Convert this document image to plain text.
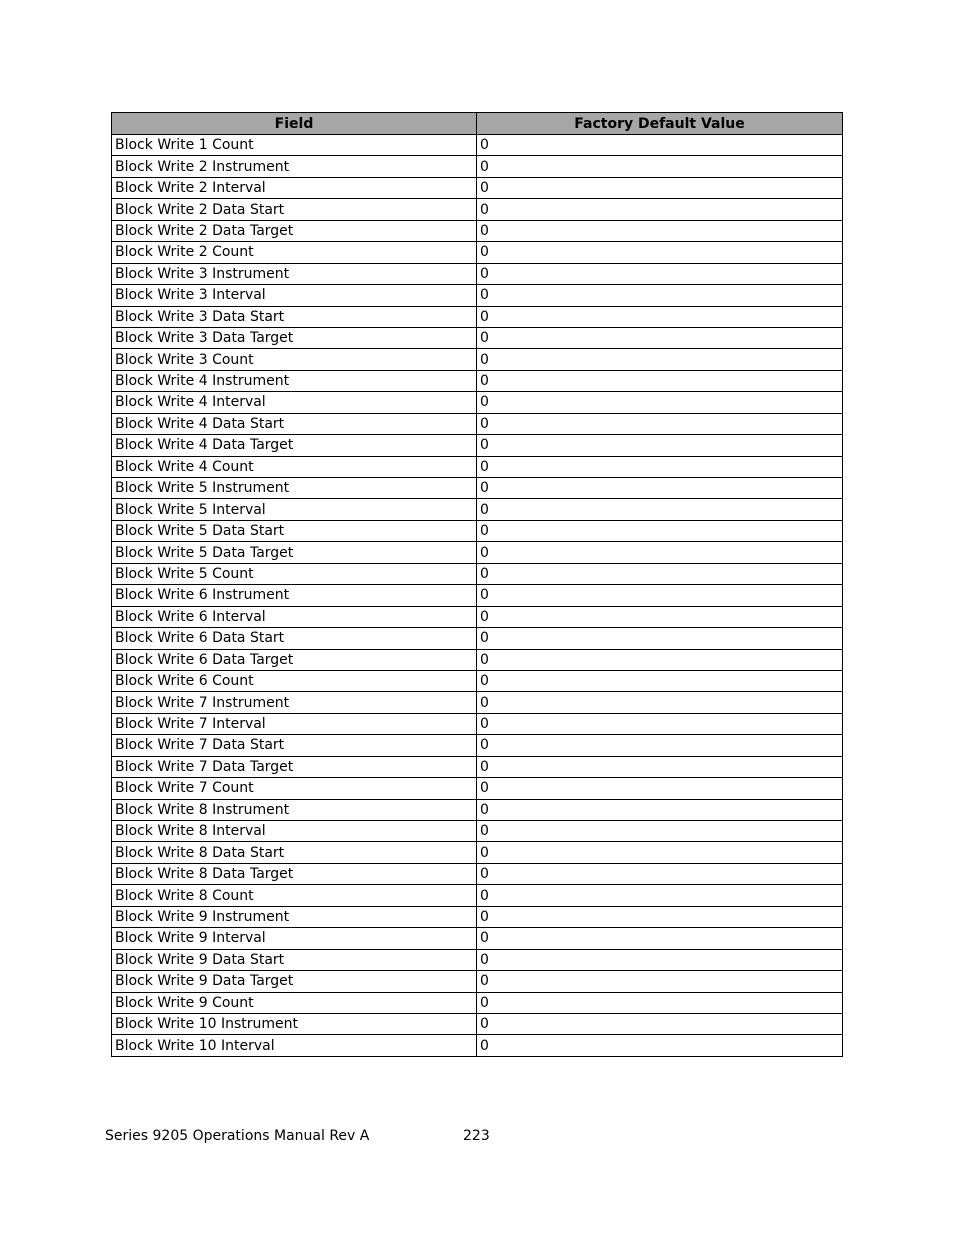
Field	Factory Default Value
Block Write 1 Count	0
Block Write 2 Instrument	0
Block Write 2 Interval	0
Block Write 2 Data Start	0
Block Write 2 Data Target	0
Block Write 2 Count	0
Block Write 3 Instrument	0
Block Write 3 Interval	0
Block Write 3 Data Start	0
Block Write 3 Data Target	0
Block Write 3 Count	0
Block Write 4 Instrument	0
Block Write 4 Interval	0
Block Write 4 Data Start	0
Block Write 4 Data Target	0
Block Write 4 Count	0
Block Write 5 Instrument	0
Block Write 5 Interval	0
Block Write 5 Data Start	0
Block Write 5 Data Target	0
Block Write 5 Count	0
Block Write 6 Instrument	0
Block Write 6 Interval	0
Block Write 6 Data Start	0
Block Write 6 Data Target	0
Block Write 6 Count	0
Block Write 7 Instrument	0
Block Write 7 Interval	0
Block Write 7 Data Start	0
Block Write 7 Data Target	0
Block Write 7 Count	0
Block Write 8 Instrument	0
Block Write 8 Interval	0
Block Write 8 Data Start	0
Block Write 8 Data Target	0
Block Write 8 Count	0
Block Write 9 Instrument	0
Block Write 9 Interval	0
Block Write 9 Data Start	0
Block Write 9 Data Target	0
Block Write 9 Count	0
Block Write 10 Instrument	0
Block Write 10 Interval	0
Series 9205 Operations Manual Rev A	223
